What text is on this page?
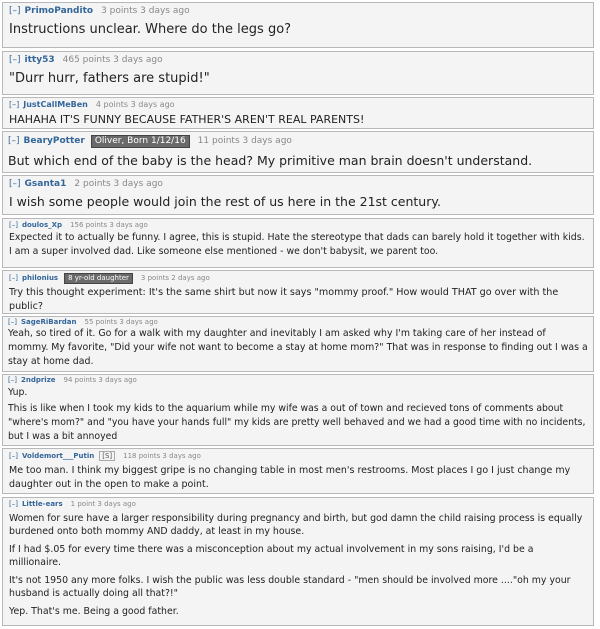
[–] PrimoPandito 3 points 3 days ago

Instructions unclear. Where do the legs go?

[–] itty53 465 points 3 days ago

"Durr hurr, fathers are stupid!"

[–] JustCallMeBen 4 points 3 days ago

HAHAHA IT'S FUNNY BECAUSE FATHER'S AREN'T REAL PARENTS!

[–] BearyPotter Oliver, Born 1/12/16 11 points 3 days ago

But which end of the baby is the head? My primitive man brain doesn't understand.

[–] Gsanta1 2 points 3 days ago

I wish some people would join the rest of us here in the 21st century.

[–] doulos_Xp 156 points 3 days ago

Expected it to actually be funny. I agree, this is stupid. Hate the stereotype that dads can barely hold it together with kids. I am a super involved dad. Like someone else mentioned - we don't babysit, we parent too.

[–] philonius 8 yr-old daughter 3 points 2 days ago

Try this thought experiment: It's the same shirt but now it says "mommy proof." How would THAT go over with the public?

[–] SageRiBardan 55 points 3 days ago

Yeah, so tired of it. Go for a walk with my daughter and inevitably I am asked why I'm taking care of her instead of mommy. My favorite, "Did your wife not want to become a stay at home mom?" That was in response to finding out I was a stay at home dad.

[–] 2ndprize 94 points 3 days ago

Yup.

This is like when I took my kids to the aquarium while my wife was a out of town and recieved tons of comments about "where's mom?" and "you have your hands full" my kids are pretty well behaved and we had a good time with no incidents, but I was a bit annoyed

[–] Voldemort___Putin [S] 118 points 3 days ago

Me too man. I think my biggest gripe is no changing table in most men's restrooms. Most places I go I just change my daughter out in the open to make a point.

[–] Little-ears 1 point 3 days ago

Women for sure have a larger responsibility during pregnancy and birth, but god damn the child raising process is equally burdened onto both mommy AND daddy, at least in my house.

If I had $.05 for every time there was a misconception about my actual involvement in my sons raising, I'd be a millionaire.

It's not 1950 any more folks. I wish the public was less double standard - "men should be involved more ...."oh my your husband is actually doing all that?!"

Yep. That's me. Being a good father.
